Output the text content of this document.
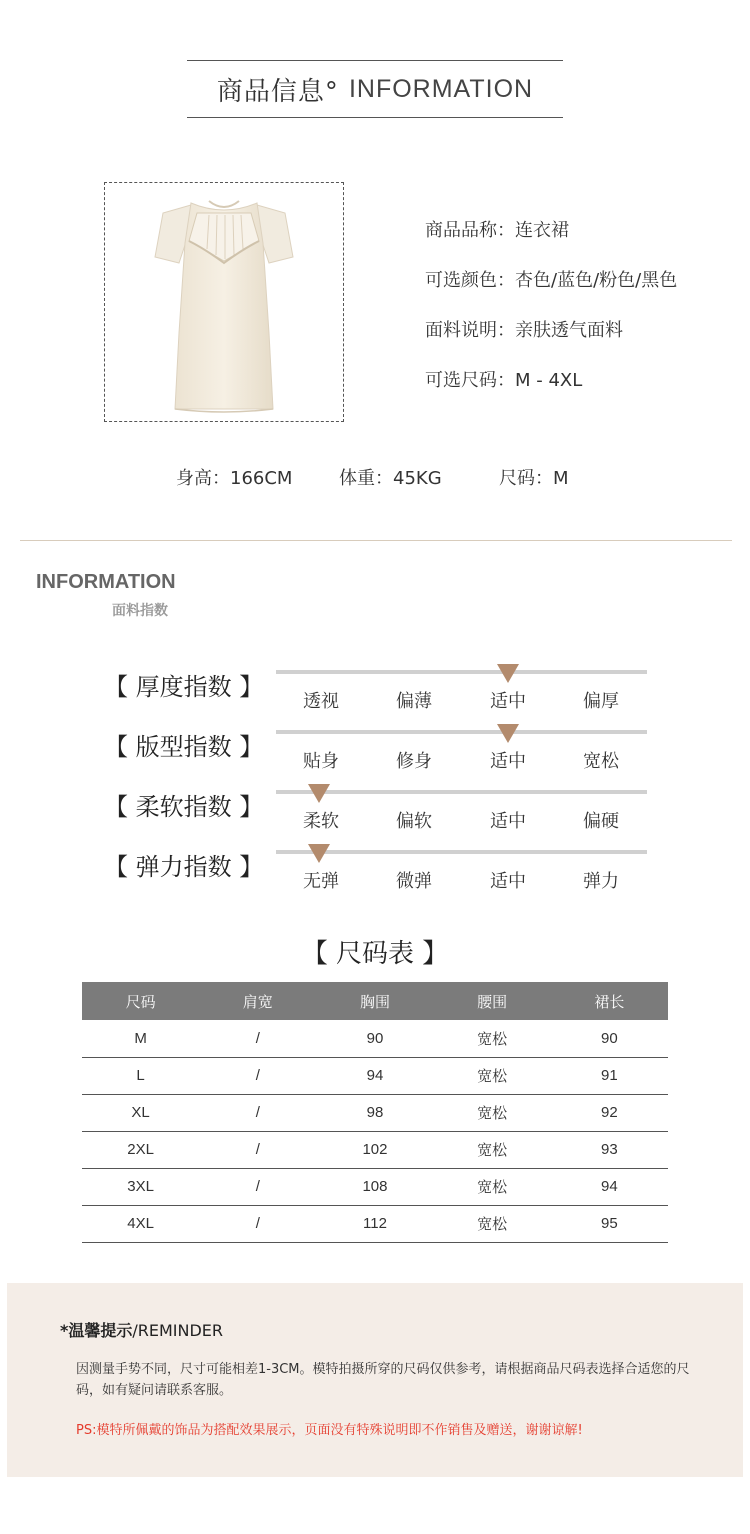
商品信息° INFORMATION
商品品称：连衣裙
可选颜色：杏色/蓝色/粉色/黑色
面料说明：亲肤透气面料
可选尺码：M - 4XL
身高：166CM	体重：45KG	尺码：M
INFORMATION
面料指数
【 厚度指数 】
透视	偏薄	适中	偏厚
【 版型指数 】
贴身	修身	适中	宽松
【 柔软指数 】
柔软	偏软	适中	偏硬
【 弹力指数 】
无弹	微弹	适中	弹力
【 尺码表 】
尺码	肩宽	胸围	腰围	裙长
M	/	90	宽松	90
L	/	94	宽松	91
XL	/	98	宽松	92
2XL	/	102	宽松	93
3XL	/	108	宽松	94
4XL	/	112	宽松	95
*温馨提示/REMINDER
因测量手势不同，尺寸可能相差1-3CM。模特拍摄所穿的尺码仅供参考，请根据商品尺码表选择合适您的尺码，如有疑问请联系客服。
PS:模特所佩戴的饰品为搭配效果展示，页面没有特殊说明即不作销售及赠送，谢谢谅解!
